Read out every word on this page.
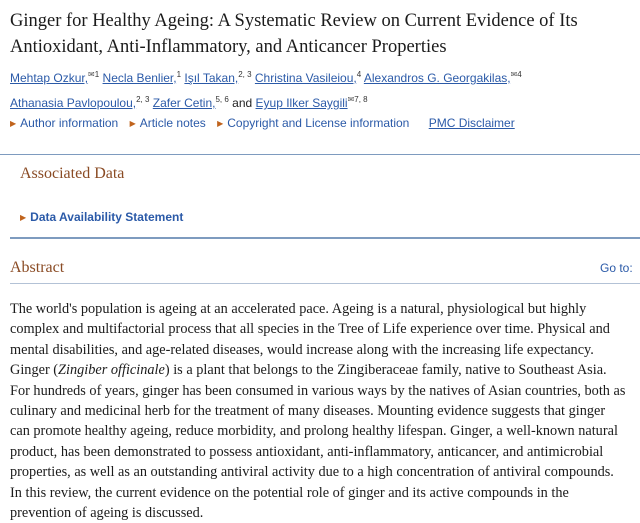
Ginger for Healthy Ageing: A Systematic Review on Current Evidence of Its Antioxidant, Anti-Inflammatory, and Anticancer Properties
Mehtap Ozkur,$^{✉1}$ Necla Benlier,$^1$ Işıl Takan,$^{2, 3}$ Christina Vasileiou,$^4$ Alexandros G. Georgakilas,$^{✉4}$
Athanasia Pavlopoulou,$^{2, 3}$ Zafer Cetin,$^{5, 6}$ and Eyup Ilker Saygili$^{✉7, 8}$
▶ Author information ▶ Article notes ▶ Copyright and License information PMC Disclaimer
Associated Data
▶ Data Availability Statement
Abstract	Go to:
The world's population is ageing at an accelerated pace. Ageing is a natural, physiological but highly
complex and multifactorial process that all species in the Tree of Life experience over time. Physical and
mental disabilities, and age-related diseases, would increase along with the increasing life expectancy.
Ginger (Zingiber officinale) is a plant that belongs to the Zingiberaceae family, native to Southeast Asia.
For hundreds of years, ginger has been consumed in various ways by the natives of Asian countries, both as
culinary and medicinal herb for the treatment of many diseases. Mounting evidence suggests that ginger
can promote healthy ageing, reduce morbidity, and prolong healthy lifespan. Ginger, a well-known natural
product, has been demonstrated to possess antioxidant, anti-inflammatory, anticancer, and antimicrobial
properties, as well as an outstanding antiviral activity due to a high concentration of antiviral compounds.
In this review, the current evidence on the potential role of ginger and its active compounds in the
prevention of ageing is discussed.
